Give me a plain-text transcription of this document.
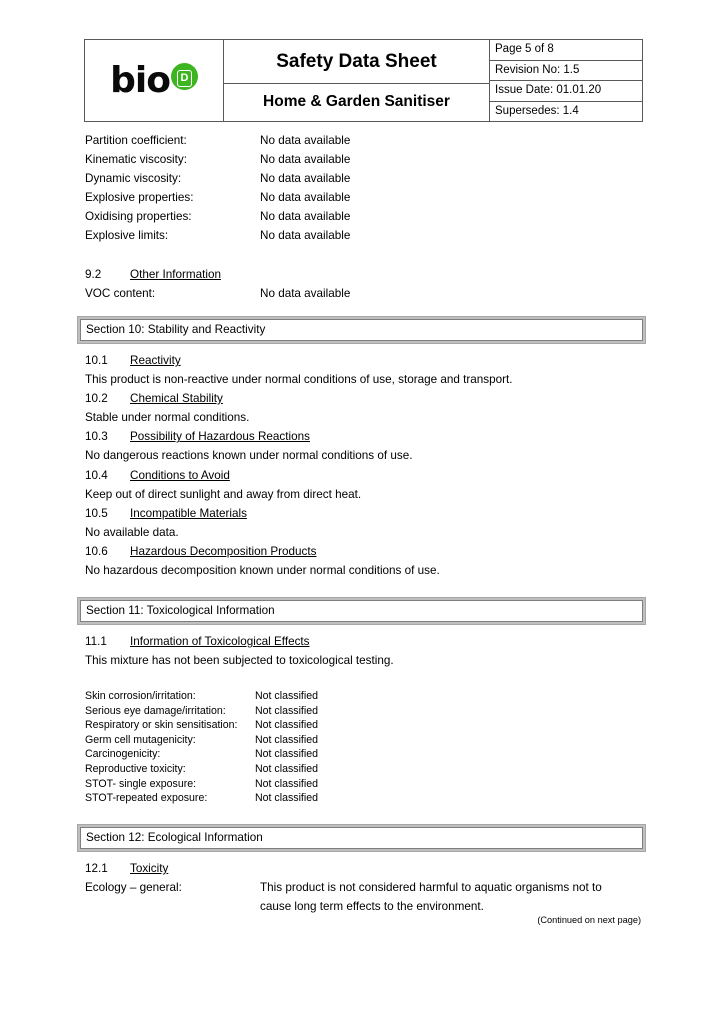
bio D

Safety Data Sheet

Page 5 of 8
Revision No: 1.5
Issue Date: 01.01.20
Supersedes: 1.4

Home & Garden Sanitiser
Partition coefficient:	No data available
Kinematic viscosity:	No data available
Dynamic viscosity:	No data available
Explosive properties:	No data available
Oxidising properties:	No data available
Explosive limits:	No data available
9.2	Other Information
VOC content:	No data available
Section 10: Stability and Reactivity
10.1	Reactivity
This product is non-reactive under normal conditions of use, storage and transport.
10.2	Chemical Stability
Stable under normal conditions.
10.3	Possibility of Hazardous Reactions
No dangerous reactions known under normal conditions of use.
10.4	Conditions to Avoid
Keep out of direct sunlight and away from direct heat.
10.5	Incompatible Materials
No available data.
10.6	Hazardous Decomposition Products
No hazardous decomposition known under normal conditions of use.
Section 11: Toxicological Information
11.1	Information of Toxicological Effects
This mixture has not been subjected to toxicological testing.
Skin corrosion/irritation:	Not classified
Serious eye damage/irritation:	Not classified
Respiratory or skin sensitisation:	Not classified
Germ cell mutagenicity:	Not classified
Carcinogenicity:	Not classified
Reproductive toxicity:	Not classified
STOT- single exposure:	Not classified
STOT-repeated exposure:	Not classified
Section 12: Ecological Information
12.1	Toxicity
Ecology – general:	This product is not considered harmful to aquatic organisms not to cause long term effects to the environment.
(Continued on next page)
